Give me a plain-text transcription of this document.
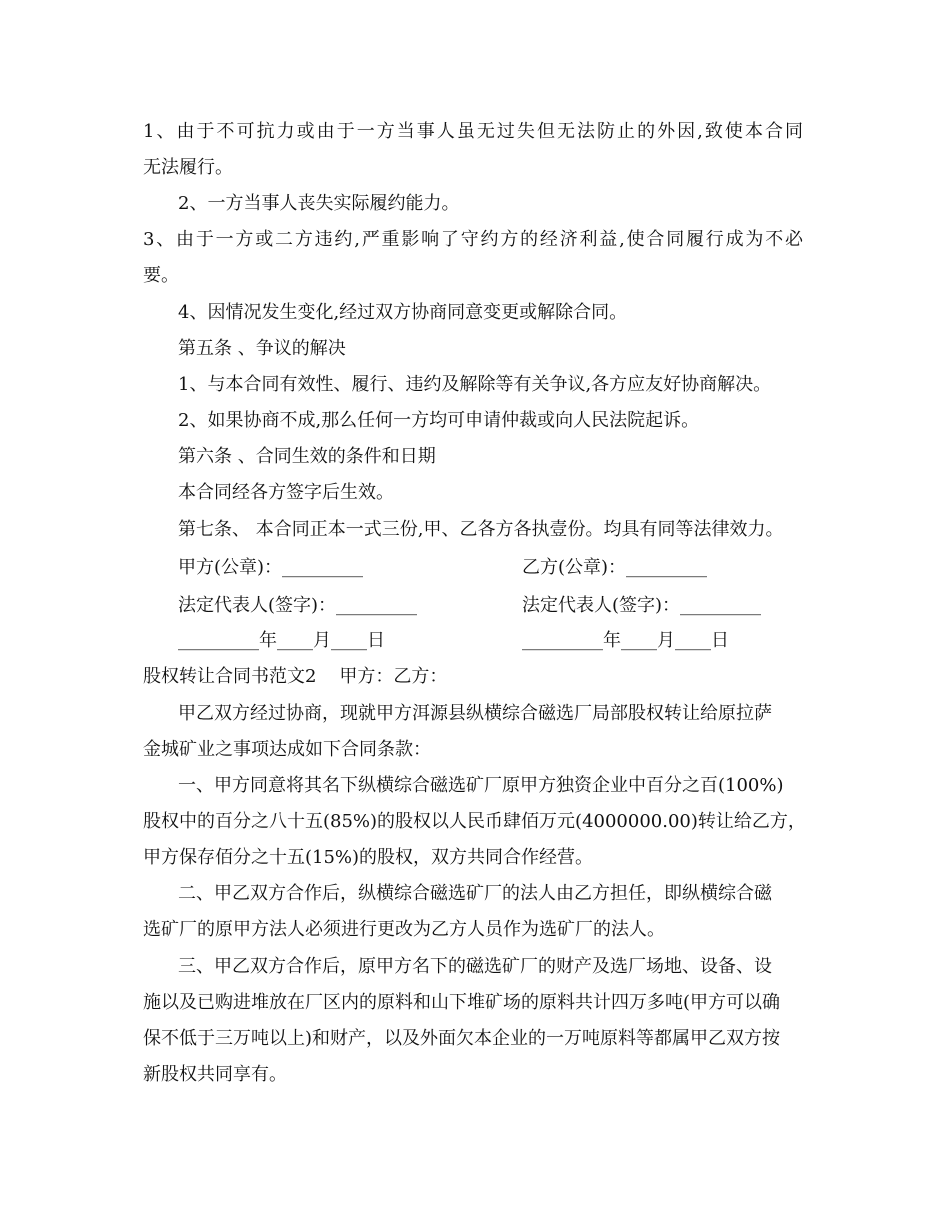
1、由于不可抗力或由于一方当事人虽无过失但无法防止的外因,致使本合同
无法履行。
2、一方当事人丧失实际履约能力。
3、由于一方或二方违约,严重影响了守约方的经济利益,使合同履行成为不必
要。
4、因情况发生变化,经过双方协商同意变更或解除合同。
第五条 、争议的解决
1、与本合同有效性、履行、违约及解除等有关争议,各方应友好协商解决。
2、如果协商不成,那么任何一方均可申请仲裁或向人民法院起诉。
第六条 、合同生效的条件和日期
本合同经各方签字后生效。
第七条、 本合同正本一式三份,甲、乙各方各执壹份。均具有同等法律效力。
甲方(公章)：_________	乙方(公章)：_________
法定代表人(签字)：_________	法定代表人(签字)：_________
_________年____月____日	_________年____月____日
股权转让合同书范文2    甲方：乙方：
甲乙双方经过协商，现就甲方洱源县纵横综合磁选厂局部股权转让给原拉萨
金城矿业之事项达成如下合同条款：
一、甲方同意将其名下纵横综合磁选矿厂原甲方独资企业中百分之百(100%)
股权中的百分之八十五(85%)的股权以人民币肆佰万元(4000000.00)转让给乙方，
甲方保存佰分之十五(15%)的股权，双方共同合作经营。
二、甲乙双方合作后，纵横综合磁选矿厂的法人由乙方担任，即纵横综合磁
选矿厂的原甲方法人必须进行更改为乙方人员作为选矿厂的法人。
三、甲乙双方合作后，原甲方名下的磁选矿厂的财产及选厂场地、设备、设
施以及已购进堆放在厂区内的原料和山下堆矿场的原料共计四万多吨(甲方可以确
保不低于三万吨以上)和财产，以及外面欠本企业的一万吨原料等都属甲乙双方按
新股权共同享有。
